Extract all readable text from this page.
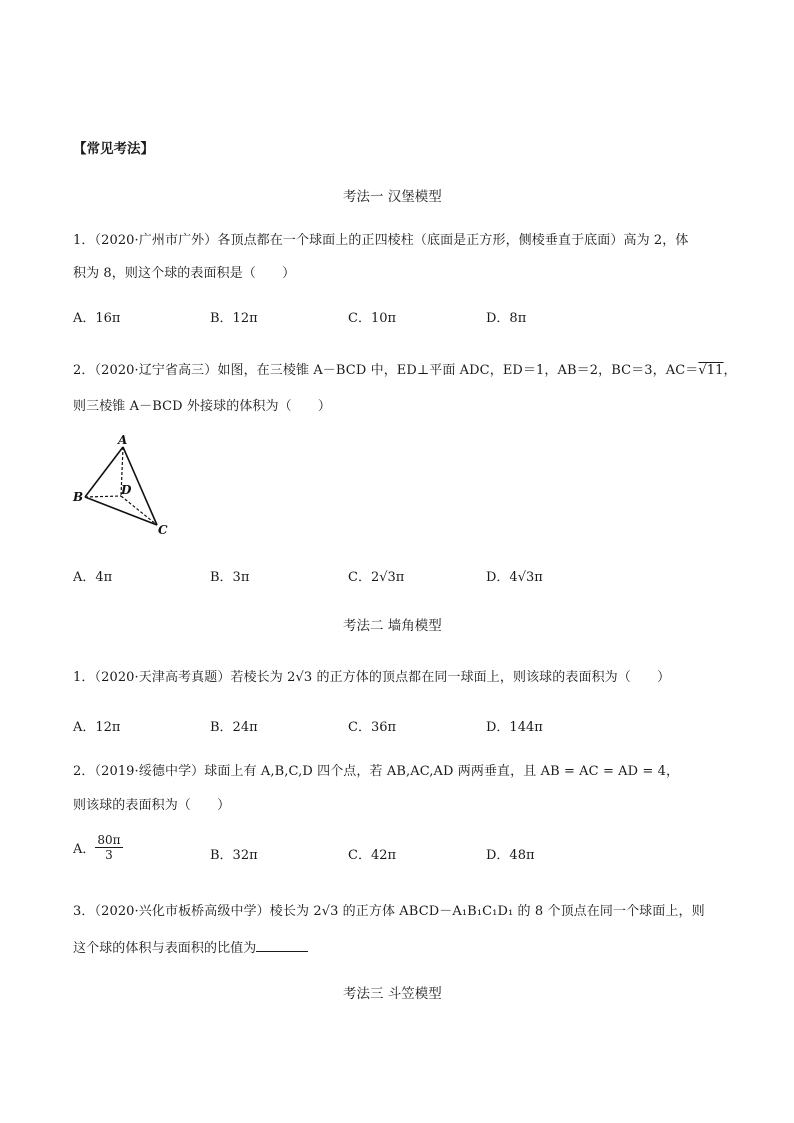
【常见考法】
考法一 汉堡模型
1．（2020·广州市广外）各顶点都在一个球面上的正四棱柱（底面是正方形，侧棱垂直于底面）高为 2，体
积为 8，则这个球的表面积是（　　）
A．16π	B．12π	C．10π	D．8π
2．（2020·辽宁省高三）如图，在三棱锥 A－BCD 中，ED⊥平面 ADC，ED＝1，AB＝2，BC＝3，AC＝√11，
则三棱锥 A－BCD 外接球的体积为（　　）
A
B	D
C
A．4π	B．3π	C．2√3π	D．4√3π
考法二 墙角模型
1．（2020·天津高考真题）若棱长为 2√3 的正方体的顶点都在同一球面上，则该球的表面积为（　　）
A．12π	B．24π	C．36π	D．144π
2．（2019·绥德中学）球面上有 A,B,C,D 四个点，若 AB,AC,AD 两两垂直，且 AB = AC = AD = 4，
则该球的表面积为（　　）
A． $\frac{80\pi}{3}$	B．32π	C．42π	D．48π
3．（2020·兴化市板桥高级中学）棱长为 2√3 的正方体 ABCD－A₁B₁C₁D₁ 的 8 个顶点在同一个球面上，则
这个球的体积与表面积的比值为
考法三 斗笠模型
